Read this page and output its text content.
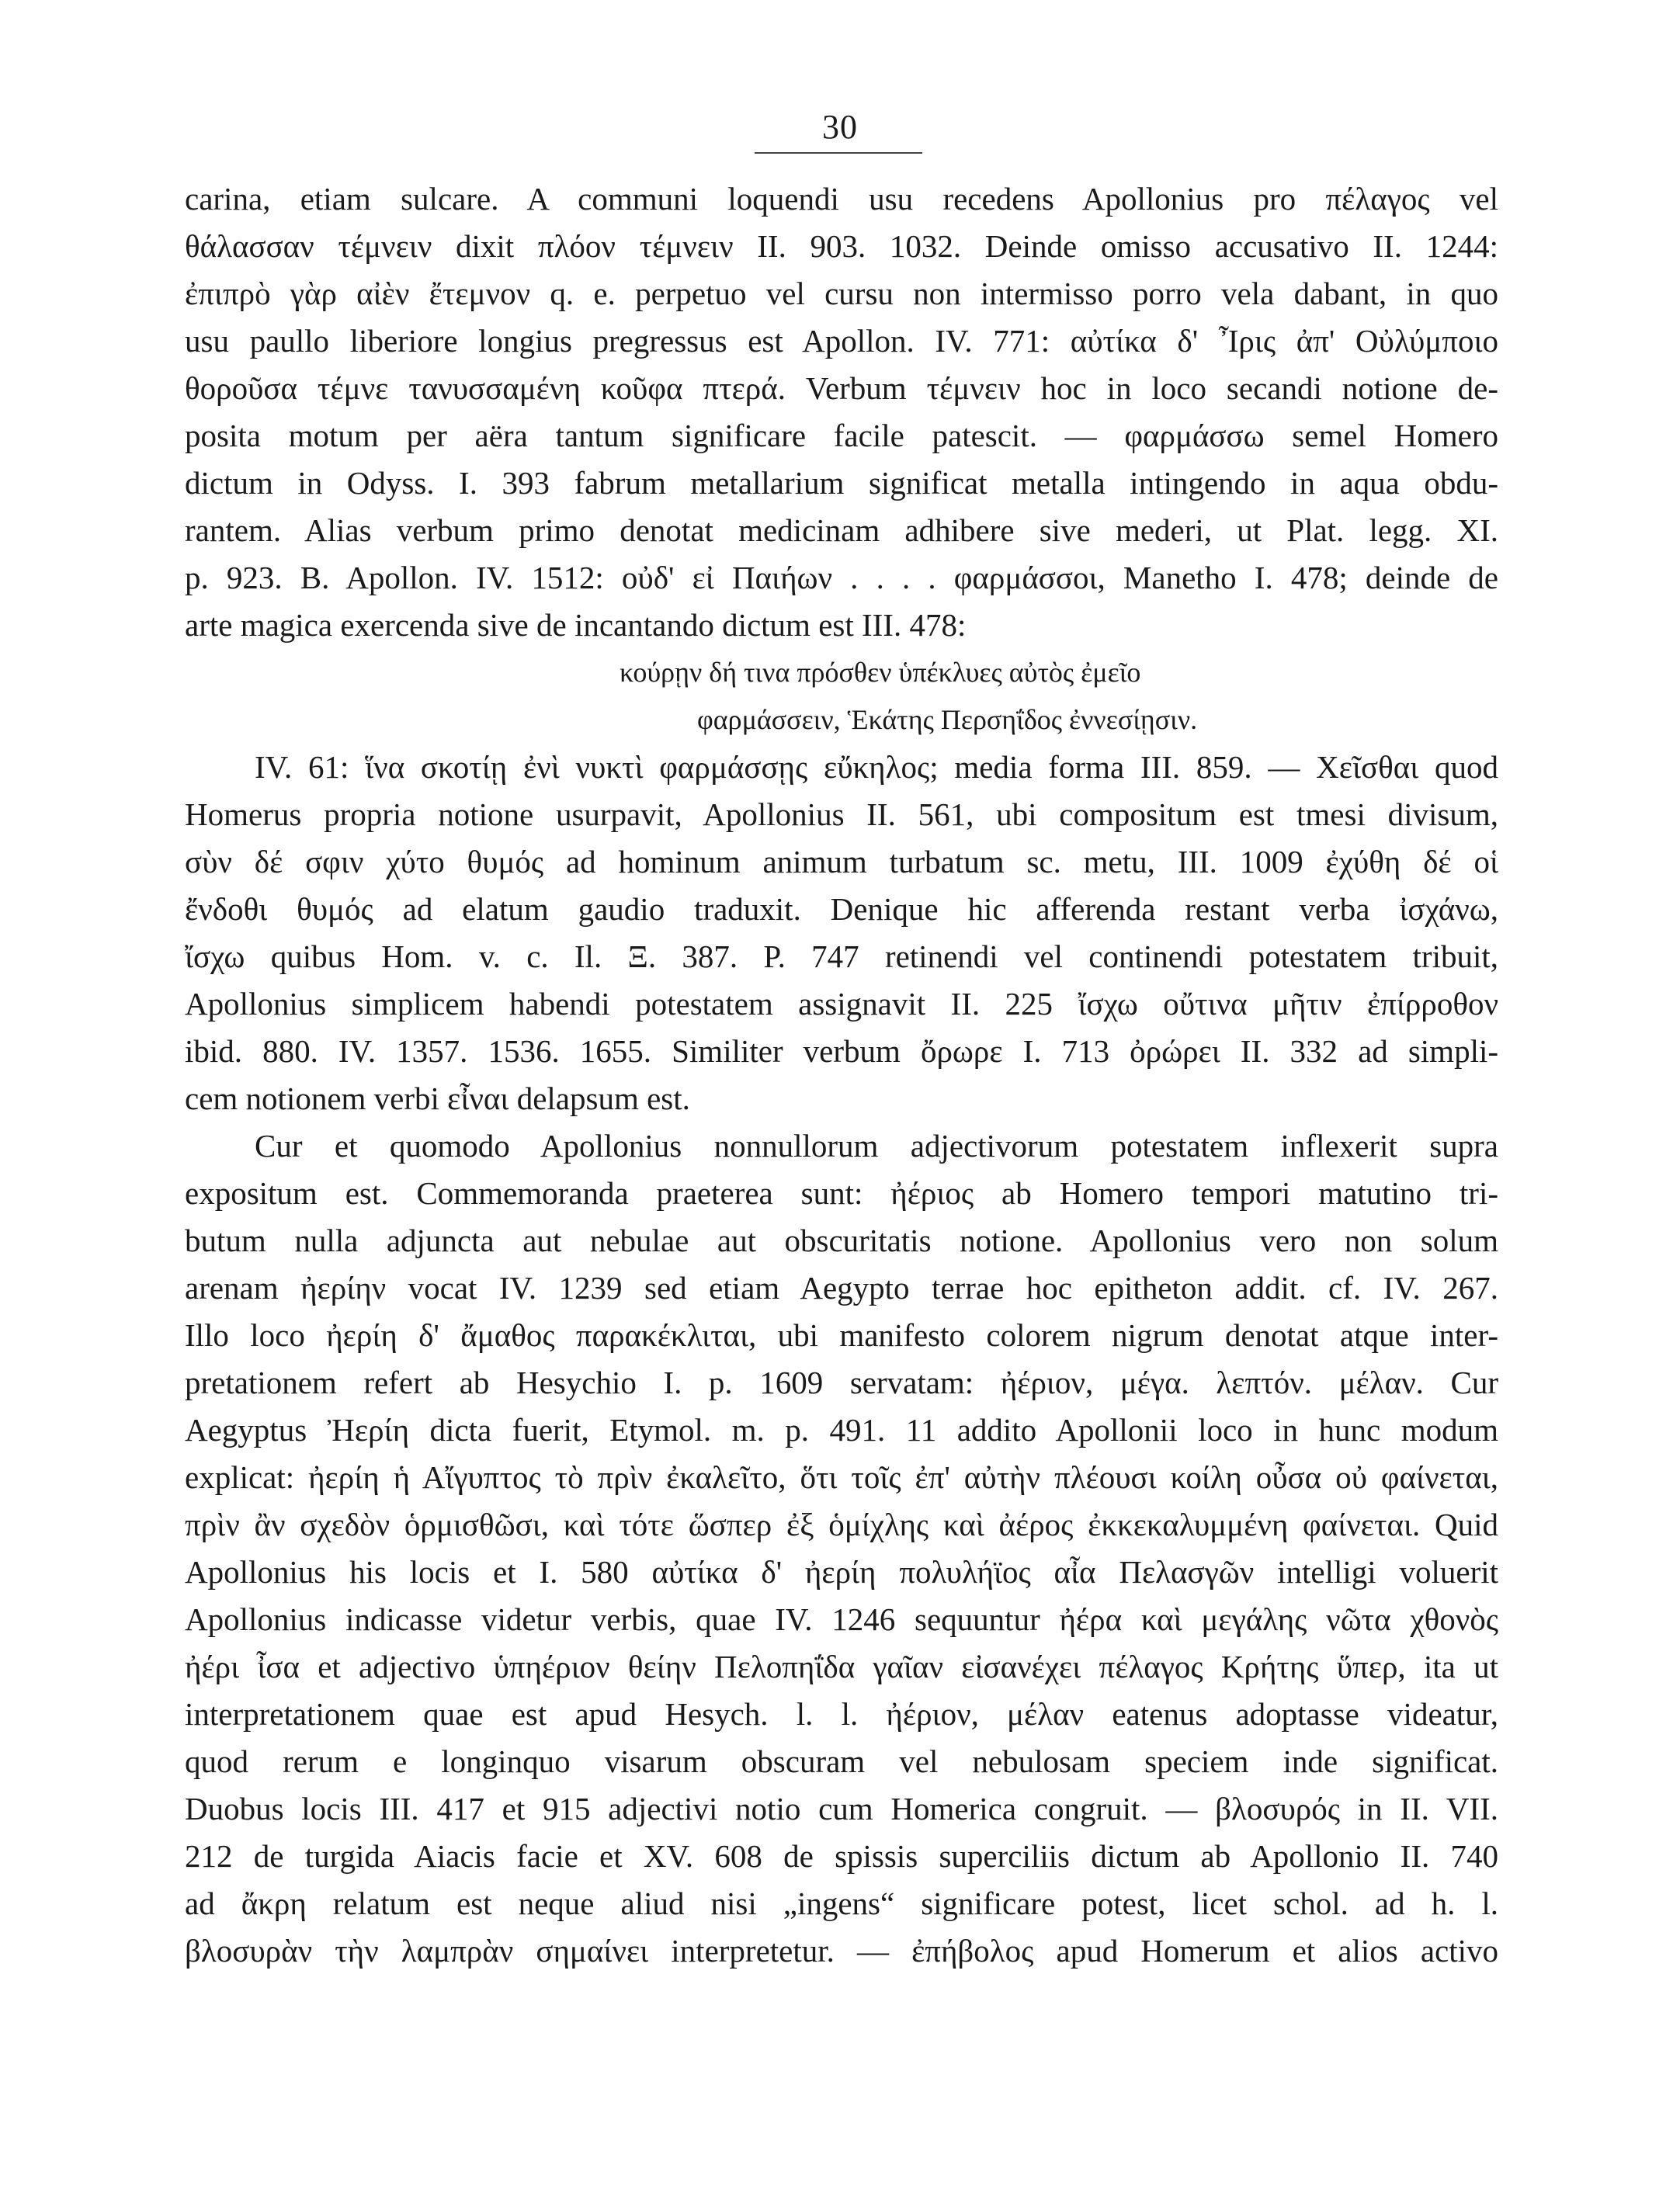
30
carina, etiam sulcare. A communi loquendi usu recedens Apollonius pro πέλαγος vel
θάλασσαν τέμνειν dixit πλόον τέμνειν II. 903. 1032. Deinde omisso accusativo II. 1244:
ἐπιπρὸ γὰρ αἰὲν ἔτεμνον q. e. perpetuo vel cursu non intermisso porro vela dabant, in quo
usu paullo liberiore longius pregressus est Apollon. IV. 771: αὐτίκα δ' Ἶρις ἀπ' Οὐλύμποιο
θοροῦσα τέμνε τανυσσαμένη κοῦφα πτερά. Verbum τέμνειν hoc in loco secandi notione de-
posita motum per aëra tantum significare facile patescit. — φαρμάσσω semel Homero
dictum in Odyss. I. 393 fabrum metallarium significat metalla intingendo in aqua obdu-
rantem. Alias verbum primo denotat medicinam adhibere sive mederi, ut Plat. legg. XI.
p. 923. B. Apollon. IV. 1512: οὐδ' εἰ Παιήων . . . . φαρμάσσοι, Manetho I. 478; deinde de
arte magica exercenda sive de incantando dictum est III. 478:
κούρῃν δή τινα πρόσθεν ὑπέκλυες αὐτὸς ἐμεῖο
φαρμάσσειν, Ἑκάτης Περσηΐδος ἐννεσίῃσιν.
IV. 61: ἵνα σκοτίῃ ἐνὶ νυκτὶ φαρμάσσῃς εὔκηλος; media forma III. 859. — Χεῖσθαι quod
Homerus propria notione usurpavit, Apollonius II. 561, ubi compositum est tmesi divisum,
σὺν δέ σφιν χύτο θυμός ad hominum animum turbatum sc. metu, III. 1009 ἐχύθη δέ οἱ
ἔνδοθι θυμός ad elatum gaudio traduxit. Denique hic afferenda restant verba ἰσχάνω,
ἴσχω quibus Hom. v. c. Il. Ξ. 387. P. 747 retinendi vel continendi potestatem tribuit,
Apollonius simplicem habendi potestatem assignavit II. 225 ἴσχω οὔτινα μῆτιν ἐπίρροθον
ibid. 880. IV. 1357. 1536. 1655. Similiter verbum ὄρωρε I. 713 ὀρώρει II. 332 ad simpli-
cem notionem verbi εἶναι delapsum est.
Cur et quomodo Apollonius nonnullorum adjectivorum potestatem inflexerit supra
expositum est. Commemoranda praeterea sunt: ἠέριος ab Homero tempori matutino tri-
butum nulla adjuncta aut nebulae aut obscuritatis notione. Apollonius vero non solum
arenam ἠερίην vocat IV. 1239 sed etiam Aegypto terrae hoc epitheton addit. cf. IV. 267.
Illo loco ἠερίη δ' ἄμαθος παρακέκλιται, ubi manifesto colorem nigrum denotat atque inter-
pretationem refert ab Hesychio I. p. 1609 servatam: ἠέριον, μέγα. λεπτόν. μέλαν. Cur
Aegyptus Ἠερίη dicta fuerit, Etymol. m. p. 491. 11 addito Apollonii loco in hunc modum
explicat: ἠερίη ἡ Αἴγυπτος τὸ πρὶν ἐκαλεῖτο, ὅτι τοῖς ἐπ' αὐτὴν πλέουσι κοίλη οὖσα οὐ φαίνεται,
πρὶν ἂν σχεδὸν ὁρμισθῶσι, καὶ τότε ὥσπερ ἐξ ὁμίχλης καὶ ἀέρος ἐκκεκαλυμμένη φαίνεται. Quid
Apollonius his locis et I. 580 αὐτίκα δ' ἠερίη πολυλήϊος αἶα Πελασγῶν intelligi voluerit
Apollonius indicasse videtur verbis, quae IV. 1246 sequuntur ἠέρα καὶ μεγάλης νῶτα χθονὸς
ἠέρι ἶσα et adjectivo ὑπηέριον θείην Πελοπηΐδα γαῖαν εἰσανέχει πέλαγος Κρήτης ὕπερ, ita ut
interpretationem quae est apud Hesych. l. l. ἠέριον, μέλαν eatenus adoptasse videatur,
quod rerum e longinquo visarum obscuram vel nebulosam speciem inde significat.
Duobus locis III. 417 et 915 adjectivi notio cum Homerica congruit. — βλοσυρός in II. VII.
212 de turgida Aiacis facie et XV. 608 de spissis superciliis dictum ab Apollonio II. 740
ad ἄκρη relatum est neque aliud nisi „ingens“ significare potest, licet schol. ad h. l.
βλοσυρὰν τὴν λαμπρὰν σημαίνει interpretetur. — ἐπήβολος apud Homerum et alios activo
